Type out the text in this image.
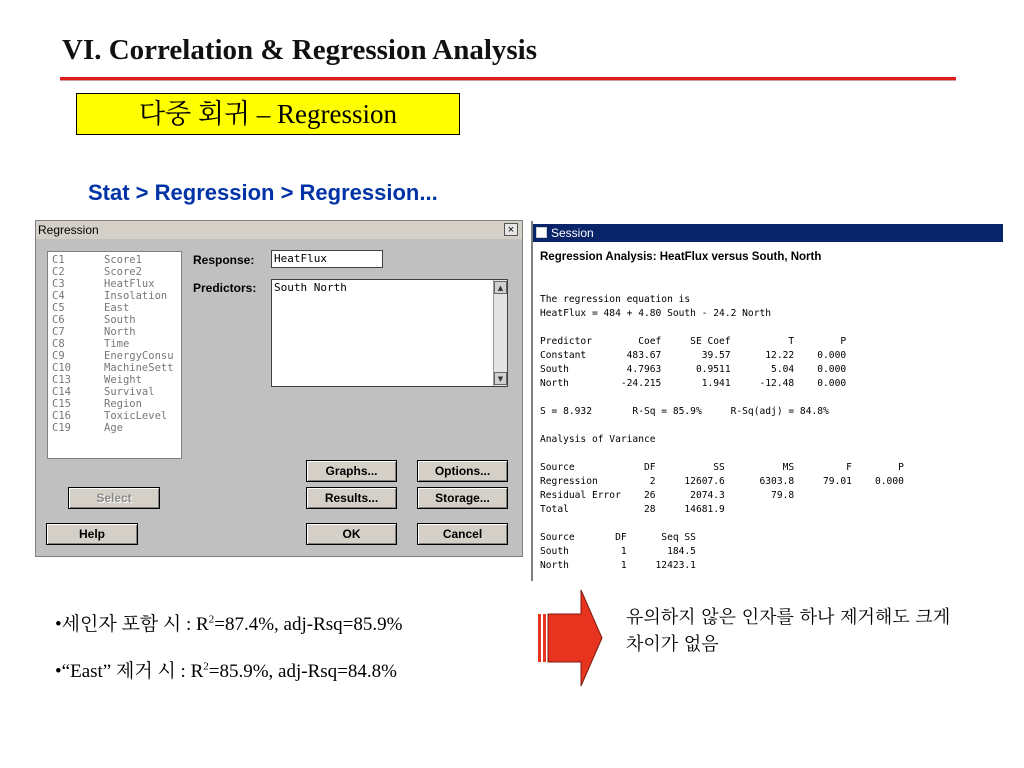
VI. Correlation & Regression Analysis
다중 회귀 – Regression
Stat > Regression > Regression...
Regression	×
C1	Score1
C2	Score2
C3	HeatFlux
C4	Insolation
C5	East
C6	South
C7	North
C8	Time
C9	EnergyConsu
C10	MachineSett
C13	Weight
C14	Survival
C15	Region
C16	ToxicLevel
C19	Age
Response: HeatFlux
Predictors: South North	▲
▼
Graphs...	Options...
Select	Results...	Storage...
Help	OK	Cancel
Session
Regression Analysis: HeatFlux versus South, North
The regression equation is
HeatFlux = 484 + 4.80 South - 24.2 North

Predictor        Coef     SE Coef          T        P
Constant       483.67       39.57      12.22    0.000
South          4.7963      0.9511       5.04    0.000
North         -24.215       1.941     -12.48    0.000

S = 8.932       R-Sq = 85.9%     R-Sq(adj) = 84.8%

Analysis of Variance

Source            DF          SS          MS         F        P
Regression         2     12607.6      6303.8     79.01    0.000
Residual Error    26      2074.3        79.8
Total             28     14681.9

Source       DF      Seq SS
South         1       184.5
North         1     12423.1
•세인자 포함 시 : $R^2=87.4\%$, adj-Rsq=85.9%
•“East” 제거 시 : $R^2=85.9\%$, adj-Rsq=84.8%
유의하지 않은 인자를 하나 제거해도 크게 차이가 없음
